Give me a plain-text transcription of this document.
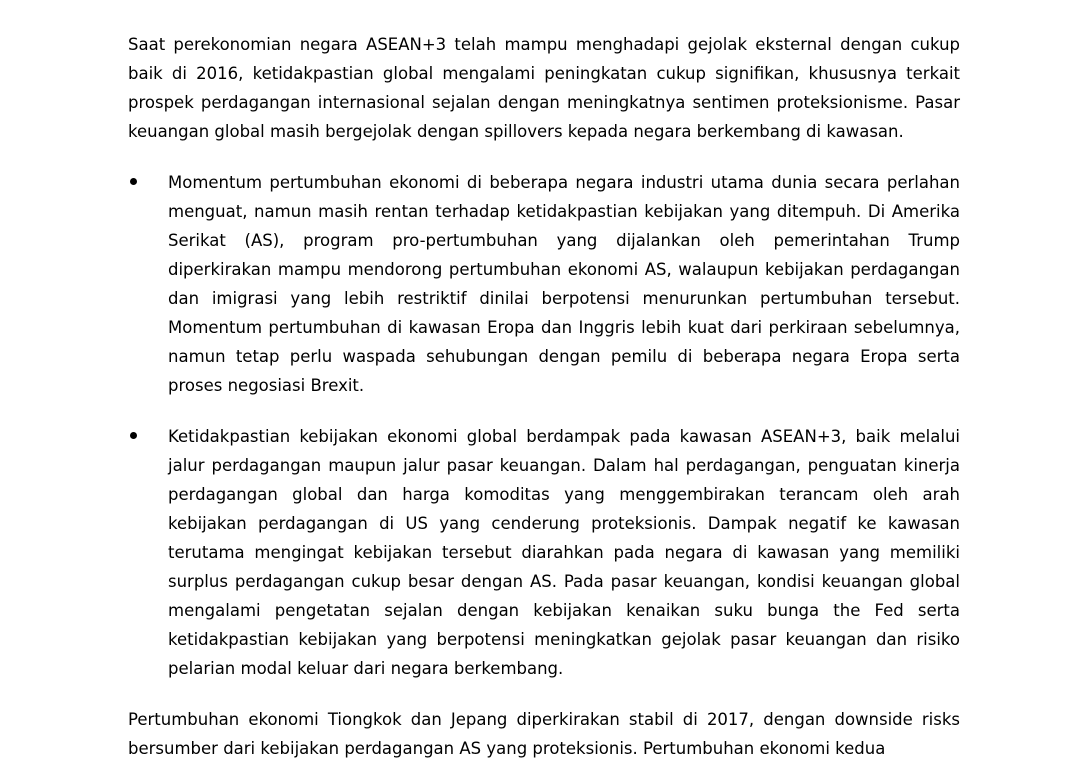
Saat perekonomian negara ASEAN+3 telah mampu menghadapi gejolak eksternal dengan cukup baik di 2016, ketidakpastian global mengalami peningkatan cukup signifikan, khususnya terkait prospek perdagangan internasional sejalan dengan meningkatnya sentimen proteksionisme. Pasar keuangan global masih bergejolak dengan spillovers kepada negara berkembang di kawasan.

Momentum pertumbuhan ekonomi di beberapa negara industri utama dunia secara perlahan menguat, namun masih rentan terhadap ketidakpastian kebijakan yang ditempuh. Di Amerika Serikat (AS), program pro-pertumbuhan yang dijalankan oleh pemerintahan Trump diperkirakan mampu mendorong pertumbuhan ekonomi AS, walaupun kebijakan perdagangan dan imigrasi yang lebih restriktif dinilai berpotensi menurunkan pertumbuhan tersebut. Momentum pertumbuhan di kawasan Eropa dan Inggris lebih kuat dari perkiraan sebelumnya, namun tetap perlu waspada sehubungan dengan pemilu di beberapa negara Eropa serta proses negosiasi Brexit.
Ketidakpastian kebijakan ekonomi global berdampak pada kawasan ASEAN+3, baik melalui jalur perdagangan maupun jalur pasar keuangan. Dalam hal perdagangan, penguatan kinerja perdagangan global dan harga komoditas yang menggembirakan terancam oleh arah kebijakan perdagangan di US yang cenderung proteksionis. Dampak negatif ke kawasan terutama mengingat kebijakan tersebut diarahkan pada negara di kawasan yang memiliki surplus perdagangan cukup besar dengan AS. Pada pasar keuangan, kondisi keuangan global mengalami pengetatan sejalan dengan kebijakan kenaikan suku bunga the Fed serta ketidakpastian kebijakan yang berpotensi meningkatkan gejolak pasar keuangan dan risiko pelarian modal keluar dari negara berkembang.

Pertumbuhan ekonomi Tiongkok dan Jepang diperkirakan stabil di 2017, dengan downside risks bersumber dari kebijakan perdagangan AS yang proteksionis. Pertumbuhan ekonomi kedua
